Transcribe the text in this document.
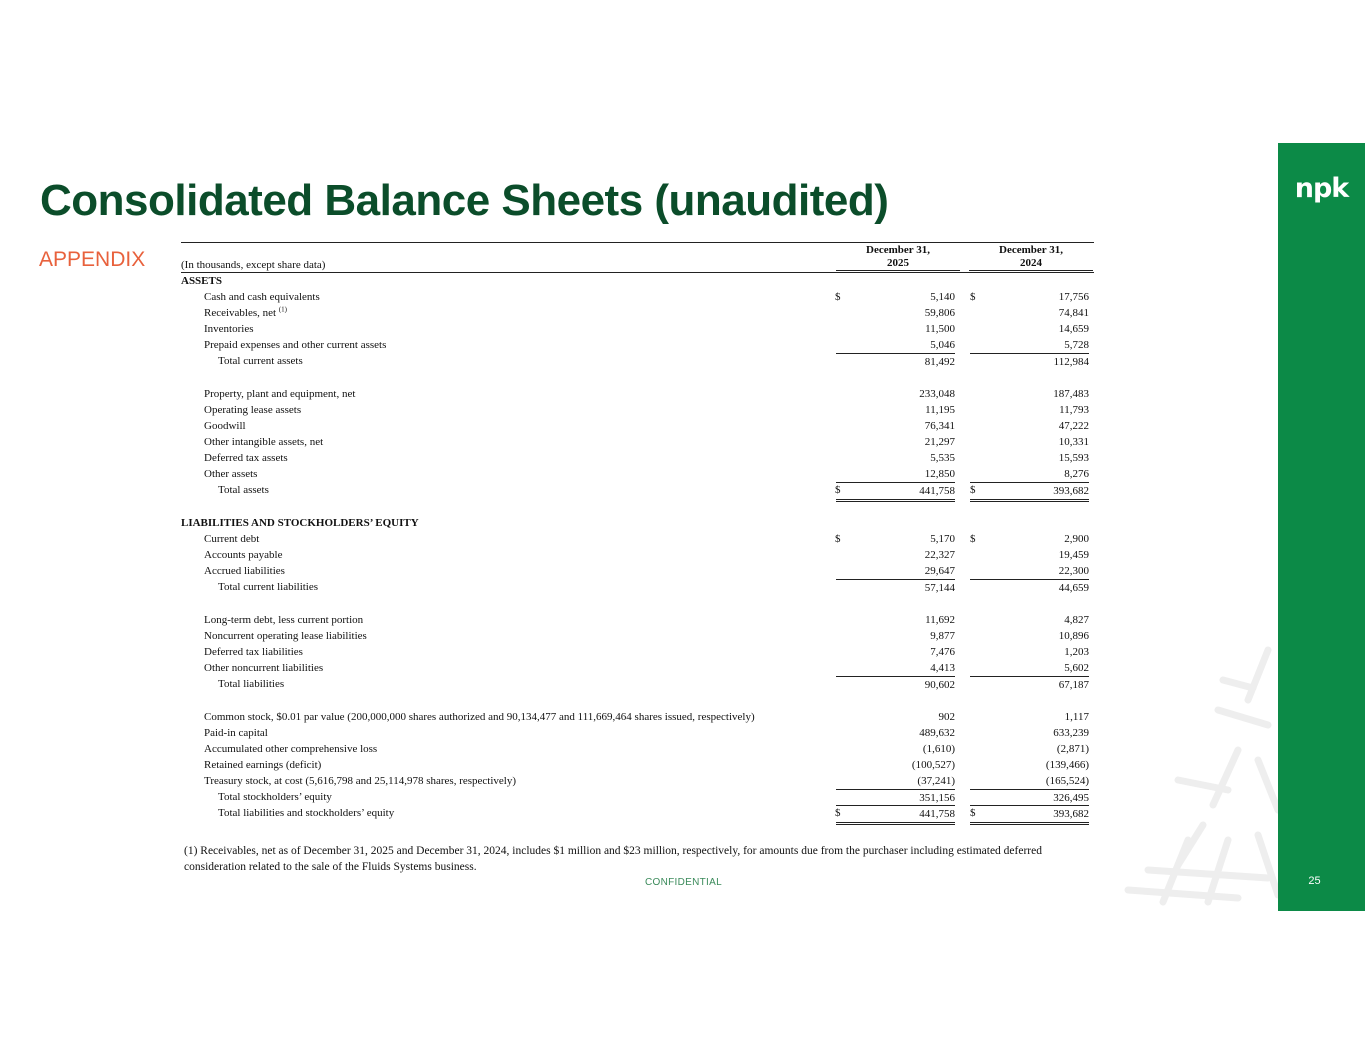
Consolidated Balance Sheets (unaudited)
APPENDIX
npk
25
(In thousands, except share data)
December 31,
2025
December 31,
2024
ASSETS
Cash and cash equivalents	$	5,140 $	17,756
Receivables, net $^{(1)}$	59,806	74,841
Inventories	11,500	14,659
Prepaid expenses and other current assets	5,046	5,728
Total current assets	81,492	112,984
Property, plant and equipment, net	233,048	187,483
Operating lease assets	11,195	11,793
Goodwill	76,341	47,222
Other intangible assets, net	21,297	10,331
Deferred tax assets	5,535	15,593
Other assets	12,850	8,276
Total assets	$	441,758 $	393,682
LIABILITIES AND STOCKHOLDERS’ EQUITY
Current debt	$	5,170 $	2,900
Accounts payable	22,327	19,459
Accrued liabilities	29,647	22,300
Total current liabilities	57,144	44,659
Long-term debt, less current portion	11,692	4,827
Noncurrent operating lease liabilities	9,877	10,896
Deferred tax liabilities	7,476	1,203
Other noncurrent liabilities	4,413	5,602
Total liabilities	90,602	67,187
Common stock, $0.01 par value (200,000,000 shares authorized and 90,134,477 and 111,669,464 shares issued, respectively)	902	1,117
Paid-in capital	489,632	633,239
Accumulated other comprehensive loss	(1,610)	(2,871)
Retained earnings (deficit)	(100,527)	(139,466)
Treasury stock, at cost (5,616,798 and 25,114,978 shares, respectively)	(37,241)	(165,524)
Total stockholders’ equity	351,156	326,495
Total liabilities and stockholders’ equity	$	441,758 $	393,682
(1) Receivables, net as of December 31, 2025 and December 31, 2024, includes $1 million and $23 million, respectively, for amounts due from the purchaser including estimated deferred consideration related to the sale of the Fluids Systems business.
CONFIDENTIAL
